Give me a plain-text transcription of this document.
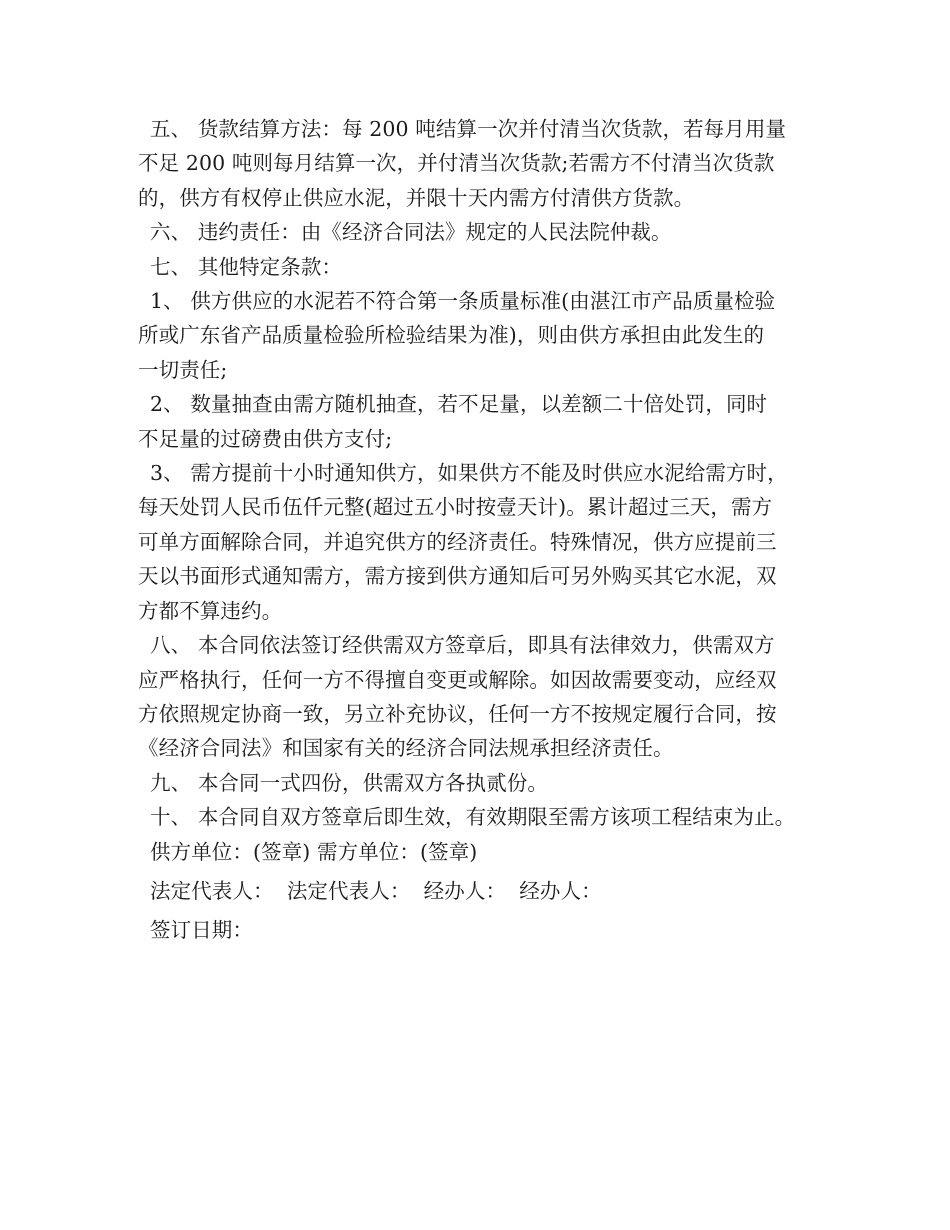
五、 货款结算方法：每 200 吨结算一次并付清当次货款，若每月用量
不足 200 吨则每月结算一次，并付清当次货款;若需方不付清当次货款
的，供方有权停止供应水泥，并限十天内需方付清供方货款。

六、 违约责任：由《经济合同法》规定的人民法院仲裁。

七、 其他特定条款：

1、 供方供应的水泥若不符合第一条质量标准(由湛江市产品质量检验
所或广东省产品质量检验所检验结果为准)，则由供方承担由此发生的
一切责任;

2、 数量抽查由需方随机抽查，若不足量，以差额二十倍处罚，同时
不足量的过磅费由供方支付;

3、 需方提前十小时通知供方，如果供方不能及时供应水泥给需方时，
每天处罚人民币伍仟元整(超过五小时按壹天计)。累计超过三天，需方
可单方面解除合同，并追究供方的经济责任。特殊情况，供方应提前三
天以书面形式通知需方，需方接到供方通知后可另外购买其它水泥，双
方都不算违约。

八、 本合同依法签订经供需双方签章后，即具有法律效力，供需双方
应严格执行，任何一方不得擅自变更或解除。如因故需要变动，应经双
方依照规定协商一致，另立补充协议，任何一方不按规定履行合同，按
《经济合同法》和国家有关的经济合同法规承担经济责任。

九、 本合同一式四份，供需双方各执贰份。

十、 本合同自双方签章后即生效，有效期限至需方该项工程结束为止。

供方单位：(签章) 需方单位：(签章)
法定代表人：  法定代表人：  经办人：  经办人：
签订日期：
